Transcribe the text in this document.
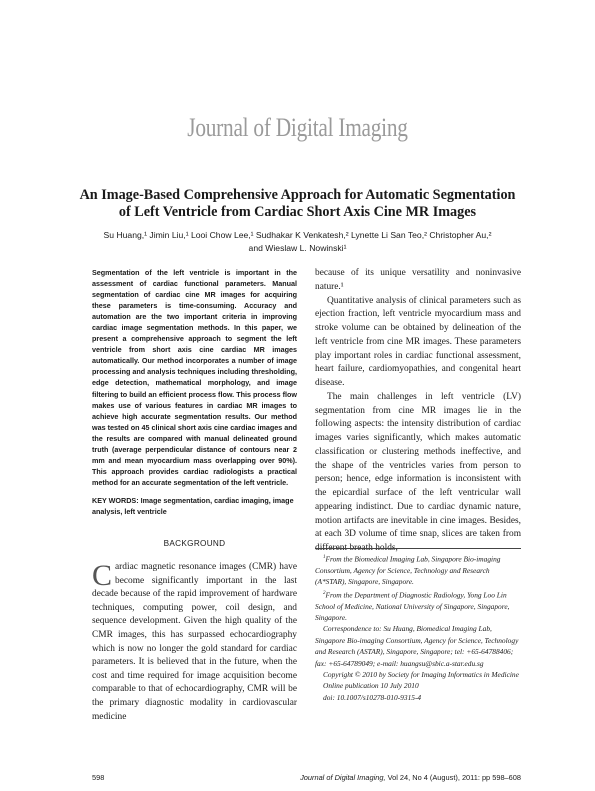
Journal of Digital Imaging
An Image-Based Comprehensive Approach for Automatic Segmentation
of Left Ventricle from Cardiac Short Axis Cine MR Images
Su Huang,¹ Jimin Liu,¹ Looi Chow Lee,¹ Sudhakar K Venkatesh,² Lynette Li San Teo,² Christopher Au,²
and Wieslaw L. Nowinski¹
Segmentation of the left ventricle is important in the assessment of cardiac functional parameters. Manual segmentation of cardiac cine MR images for acquiring these parameters is time-consuming. Accuracy and automation are the two important criteria in improving cardiac image segmentation methods. In this paper, we present a comprehensive approach to segment the left ventricle from short axis cine cardiac MR images automatically. Our method incorporates a number of image processing and analysis techniques including thresholding, edge detection, mathematical morphology, and image filtering to build an efficient process flow. This process flow makes use of various features in cardiac MR images to achieve high accurate segmentation results. Our method was tested on 45 clinical short axis cine cardiac images and the results are compared with manual delineated ground truth (average perpendicular distance of contours near 2 mm and mean myocardium mass overlapping over 90%). This approach provides cardiac radiologists a practical method for an accurate segmentation of the left ventricle.
KEY WORDS: Image segmentation, cardiac imaging, image analysis, left ventricle
BACKGROUND
Cardiac magnetic resonance images (CMR) have become significantly important in the last decade because of the rapid improvement of hardware techniques, computing power, coil design, and sequence development. Given the high quality of the CMR images, this has surpassed echocardiography which is now no longer the gold standard for cardiac parameters. It is believed that in the future, when the cost and time required for image acquisition become comparable to that of echocardiography, CMR will be the primary diagnostic modality in cardiovascular medicine

because of its unique versatility and noninvasive nature.¹

Quantitative analysis of clinical parameters such as ejection fraction, left ventricle myocardium mass and stroke volume can be obtained by delineation of the left ventricle from cine MR images. These parameters play important roles in cardiac functional assessment, heart failure, cardiomyopathies, and congenital heart disease.

The main challenges in left ventricle (LV) segmentation from cine MR images lie in the following aspects: the intensity distribution of cardiac images varies significantly, which makes automatic classification or clustering methods ineffective, and the shape of the ventricles varies from person to person; hence, edge information is inconsistent with the epicardial surface of the left ventricular wall appearing indistinct. Due to cardiac dynamic nature, motion artifacts are inevitable in cine images. Besides, at each 3D volume of time snap, slices are taken from different breath holds,

$^1$From the Biomedical Imaging Lab, Singapore Bio-imaging Consortium, Agency for Science, Technology and Research (A*STAR), Singapore, Singapore.

$^2$From the Department of Diagnostic Radiology, Yong Loo Lin School of Medicine, National University of Singapore, Singapore, Singapore.

Correspondence to: Su Huang, Biomedical Imaging Lab, Singapore Bio-imaging Consortium, Agency for Science, Technology and Research (ASTAR), Singapore, Singapore; tel: +65-64788406; fax: +65-64789049; e-mail: huangsu@sbic.a-star.edu.sg

Copyright © 2010 by Society for Imaging Informatics in Medicine

Online publication 10 July 2010

doi: 10.1007/s10278-010-9315-4

598	Journal of Digital Imaging, Vol 24, No 4 (August), 2011: pp 598–608
